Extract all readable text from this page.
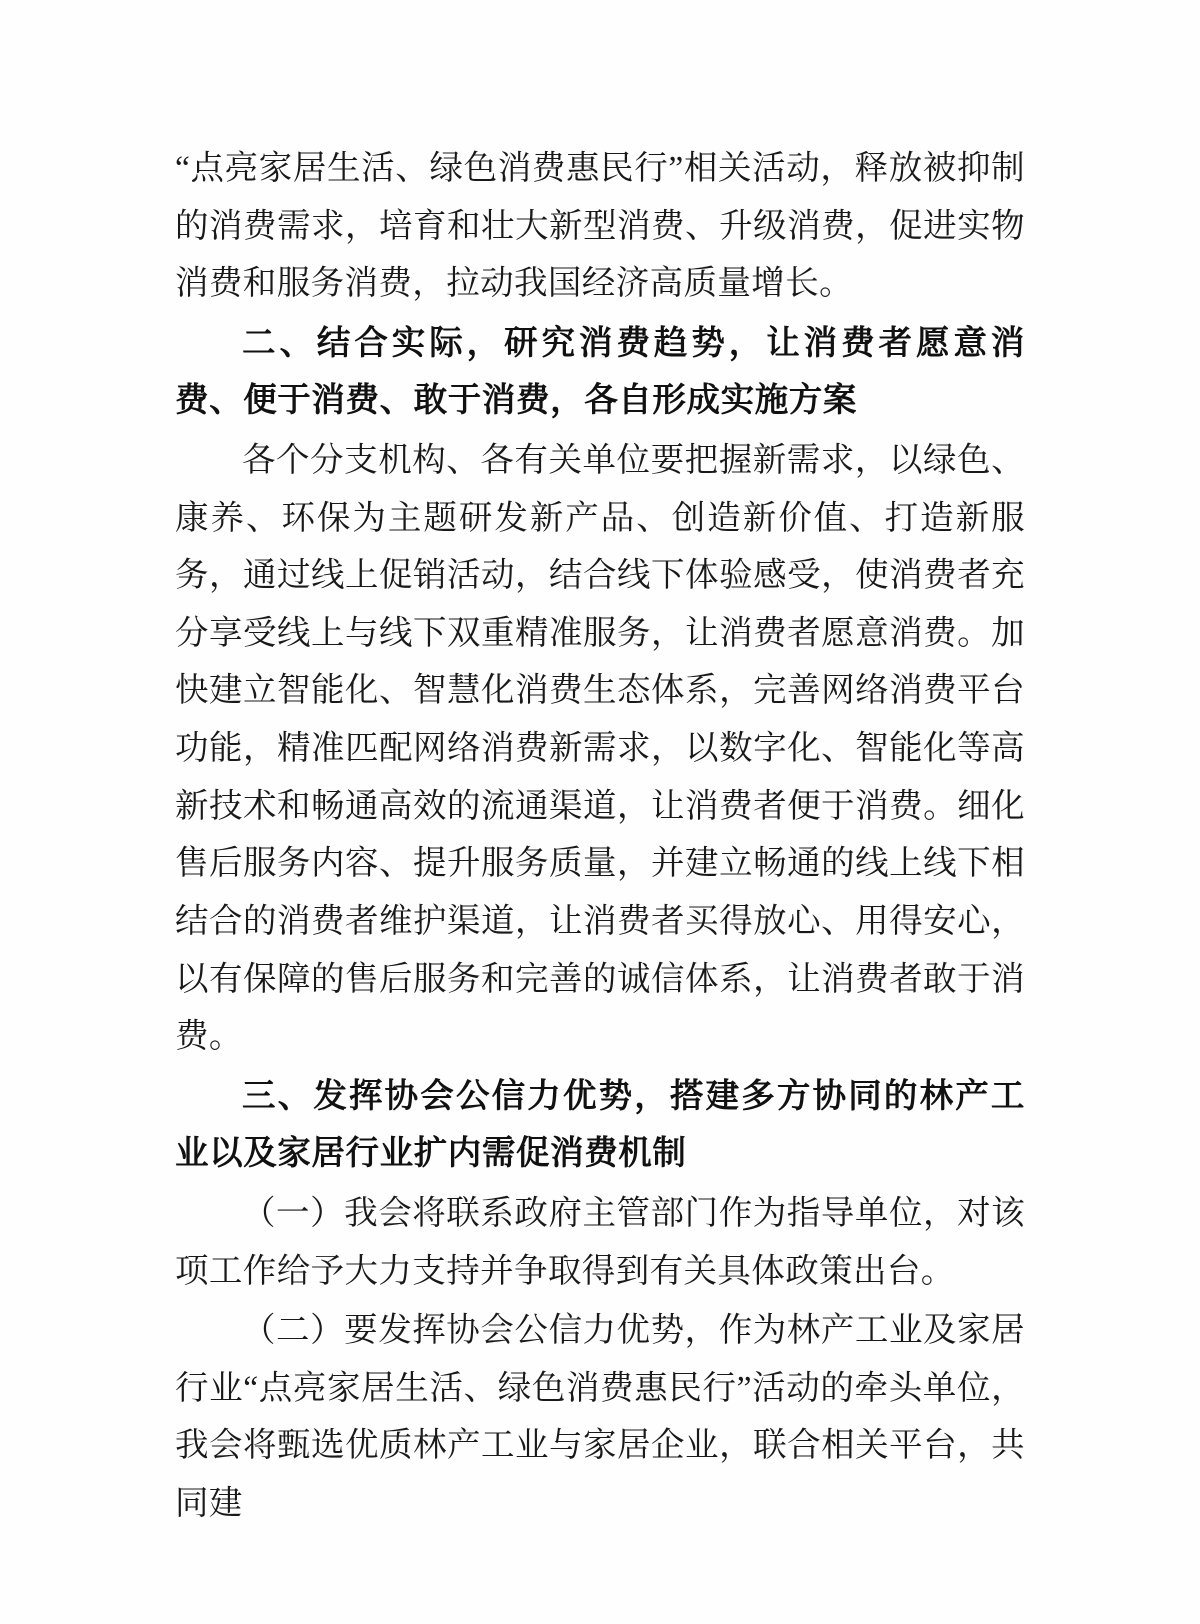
“点亮家居生活、绿色消费惠民行”相关活动，释放被抑制的消费需求，培育和壮大新型消费、升级消费，促进实物消费和服务消费，拉动我国经济高质量增长。

二、结合实际，研究消费趋势，让消费者愿意消费、便于消费、敢于消费，各自形成实施方案

各个分支机构、各有关单位要把握新需求，以绿色、康养、环保为主题研发新产品、创造新价值、打造新服务，通过线上促销活动，结合线下体验感受，使消费者充分享受线上与线下双重精准服务，让消费者愿意消费。加快建立智能化、智慧化消费生态体系，完善网络消费平台功能，精准匹配网络消费新需求，以数字化、智能化等高新技术和畅通高效的流通渠道，让消费者便于消费。细化售后服务内容、提升服务质量，并建立畅通的线上线下相结合的消费者维护渠道，让消费者买得放心、用得安心，以有保障的售后服务和完善的诚信体系，让消费者敢于消费。

三、发挥协会公信力优势，搭建多方协同的林产工业以及家居行业扩内需促消费机制

（一）我会将联系政府主管部门作为指导单位，对该项工作给予大力支持并争取得到有关具体政策出台。

（二）要发挥协会公信力优势，作为林产工业及家居行业“点亮家居生活、绿色消费惠民行”活动的牵头单位，我会将甄选优质林产工业与家居企业，联合相关平台，共同建
